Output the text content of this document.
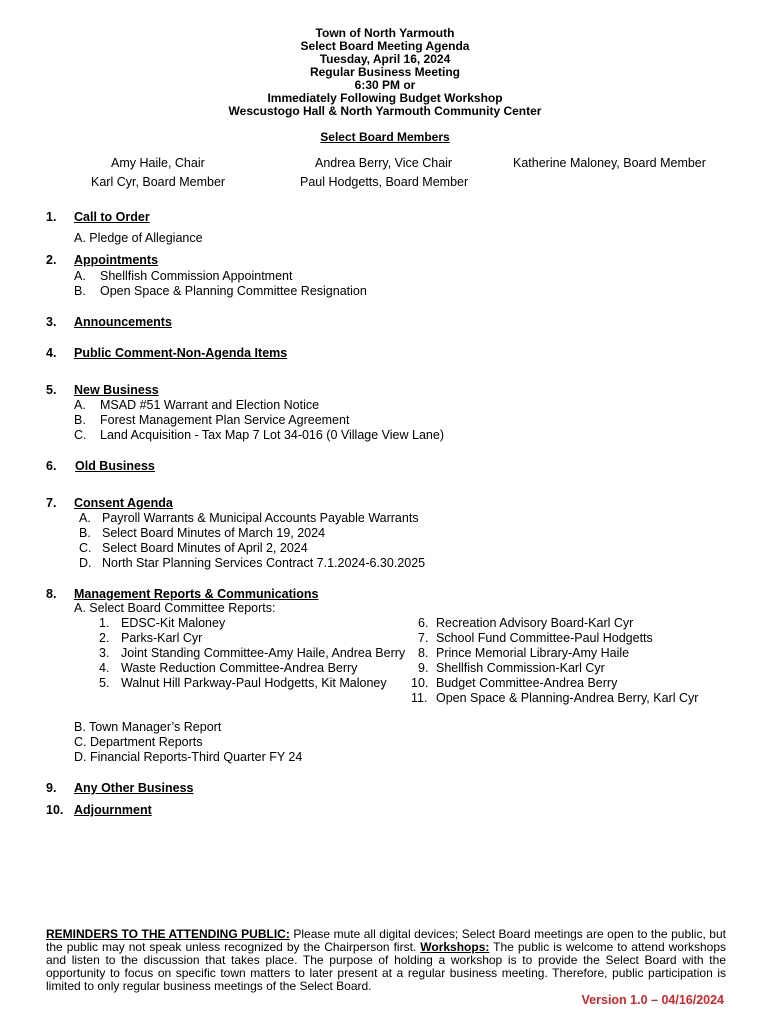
Town of North Yarmouth
Select Board Meeting Agenda
Tuesday, April 16, 2024
Regular Business Meeting
6:30 PM or
Immediately Following Budget Workshop
Wescustogo Hall & North Yarmouth Community Center
Select Board Members
Amy Haile, Chair	Andrea Berry, Vice Chair	Katherine Maloney, Board Member
Karl Cyr, Board Member	Paul Hodgetts, Board Member
1. Call to Order
A. Pledge of Allegiance
2. Appointments
A. Shellfish Commission Appointment
B. Open Space & Planning Committee Resignation
3. Announcements
4. Public Comment-Non-Agenda Items
5. New Business
A. MSAD #51 Warrant and Election Notice
B. Forest Management Plan Service Agreement
C. Land Acquisition - Tax Map 7 Lot 34-016 (0 Village View Lane)
6. Old Business
7. Consent Agenda
A. Payroll Warrants & Municipal Accounts Payable Warrants
B. Select Board Minutes of March 19, 2024
C. Select Board Minutes of April 2, 2024
D. North Star Planning Services Contract 7.1.2024-6.30.2025
8. Management Reports & Communications
A. Select Board Committee Reports:
1. EDSC-Kit Maloney
2. Parks-Karl Cyr
3. Joint Standing Committee-Amy Haile, Andrea Berry
4. Waste Reduction Committee-Andrea Berry
5. Walnut Hill Parkway-Paul Hodgetts, Kit Maloney
6. Recreation Advisory Board-Karl Cyr
7. School Fund Committee-Paul Hodgetts
8. Prince Memorial Library-Amy Haile
9. Shellfish Commission-Karl Cyr
10. Budget Committee-Andrea Berry
11. Open Space & Planning-Andrea Berry, Karl Cyr
B. Town Manager’s Report
C. Department Reports
D. Financial Reports-Third Quarter FY 24
9. Any Other Business
10. Adjournment
REMINDERS TO THE ATTENDING PUBLIC: Please mute all digital devices; Select Board meetings are open to the public, but the public may not speak unless recognized by the Chairperson first. Workshops: The public is welcome to attend workshops and listen to the discussion that takes place. The purpose of holding a workshop is to provide the Select Board with the opportunity to focus on specific town matters to later present at a regular business meeting. Therefore, public participation is limited to only regular business meetings of the Select Board.
Version 1.0 – 04/16/2024
